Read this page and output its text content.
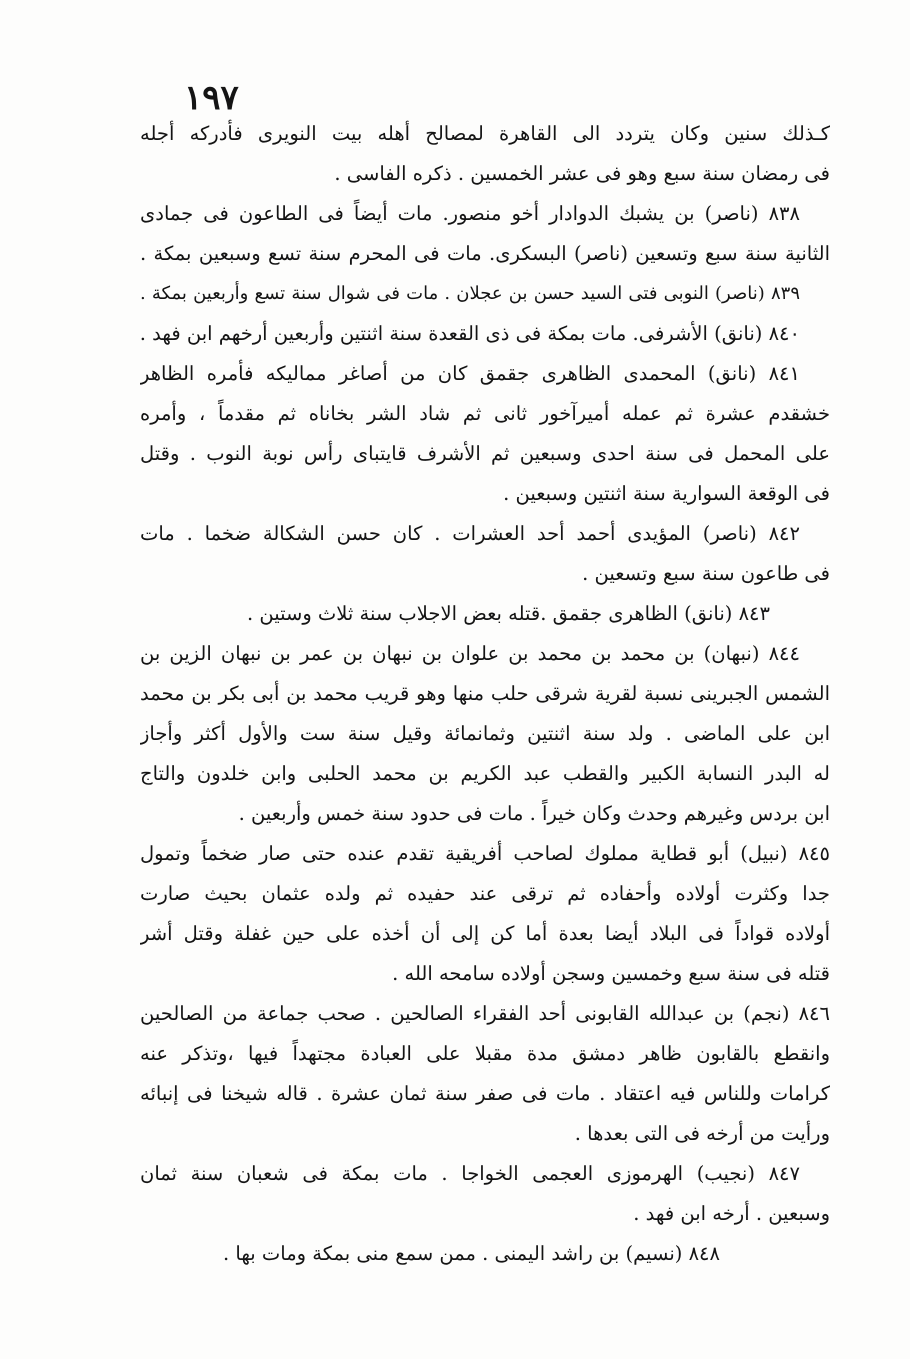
١٩٧
كـذلك سنين وكان يتردد الى القاهرة لمصالح أهله بيت النويرى فأدركه أجله
فى رمضان سنة سبع وهو فى عشر الخمسين . ذكره الفاسى .
٨٣٨ (ناصر) بن يشبك الدوادار أخو منصور. مات أيضاً فى الطاعون فى جمادى
الثانية سنة سبع وتسعين (ناصر) البسكرى. مات فى المحرم سنة تسع وسبعين بمكة .
٨٣٩ (ناصر) النوبى فتى السيد حسن بن عجلان . مات فى شوال سنة تسع وأربعين بمكة .
٨٤٠ (نانق) الأشرفى. مات بمكة فى ذى القعدة سنة اثنتين وأربعين أرخهم ابن فهد .
٨٤١ (نانق) المحمدى الظاهرى جقمق كان من أصاغر مماليكه فأمره الظاهر
خشقدم عشرة ثم عمله أميرآخور ثانى ثم شاد الشر بخاناه ثم مقدماً ، وأمره
على المحمل فى سنة احدى وسبعين ثم الأشرف قايتباى رأس نوبة النوب . وقتل
فى الوقعة السوارية سنة اثنتين وسبعين .
٨٤٢ (ناصر) المؤيدى أحمد أحد العشرات . كان حسن الشكالة ضخما . مات
فى طاعون سنة سبع وتسعين .
٨٤٣ (نانق) الظاهرى جقمق .قتله بعض الاجلاب سنة ثلاث وستين .
٨٤٤ (نبهان) بن محمد بن محمد بن علوان بن نبهان بن عمر بن نبهان الزين بن
الشمس الجبرينى نسبة لقرية شرقى حلب منها وهو قريب محمد بن أبى بكر بن محمد
ابن على الماضى . ولد سنة اثنتين وثمانمائة وقيل سنة ست والأول أكثر وأجاز
له البدر النسابة الكبير والقطب عبد الكريم بن محمد الحلبى وابن خلدون والتاج
ابن بردس وغيرهم وحدث وكان خيراً . مات فى حدود سنة خمس وأربعين .
٨٤٥ (نبيل) أبو قطاية مملوك لصاحب أفريقية تقدم عنده حتى صار ضخماً وتمول
جدا وكثرت أولاده وأحفاده ثم ترقى عند حفيده ثم ولده عثمان بحيث صارت
أولاده قواداً فى البلاد أيضا بعدة أما كن إلى أن أخذه على حين غفلة وقتل أشر
قتله فى سنة سبع وخمسين وسجن أولاده سامحه الله .
٨٤٦ (نجم) بن عبدالله القابونى أحد الفقراء الصالحين . صحب جماعة من الصالحين
وانقطع بالقابون ظاهر دمشق مدة مقبلا على العبادة مجتهداً فيها ،وتذكر عنه
كرامات وللناس فيه اعتقاد . مات فى صفر سنة ثمان عشرة . قاله شيخنا فى إنبائه
ورأيت من أرخه فى التى بعدها .
٨٤٧ (نجيب) الهرموزى العجمى الخواجا . مات بمكة فى شعبان سنة ثمان
وسبعين . أرخه ابن فهد .
٨٤٨ (نسيم) بن راشد اليمنى . ممن سمع منى بمكة ومات بها .
